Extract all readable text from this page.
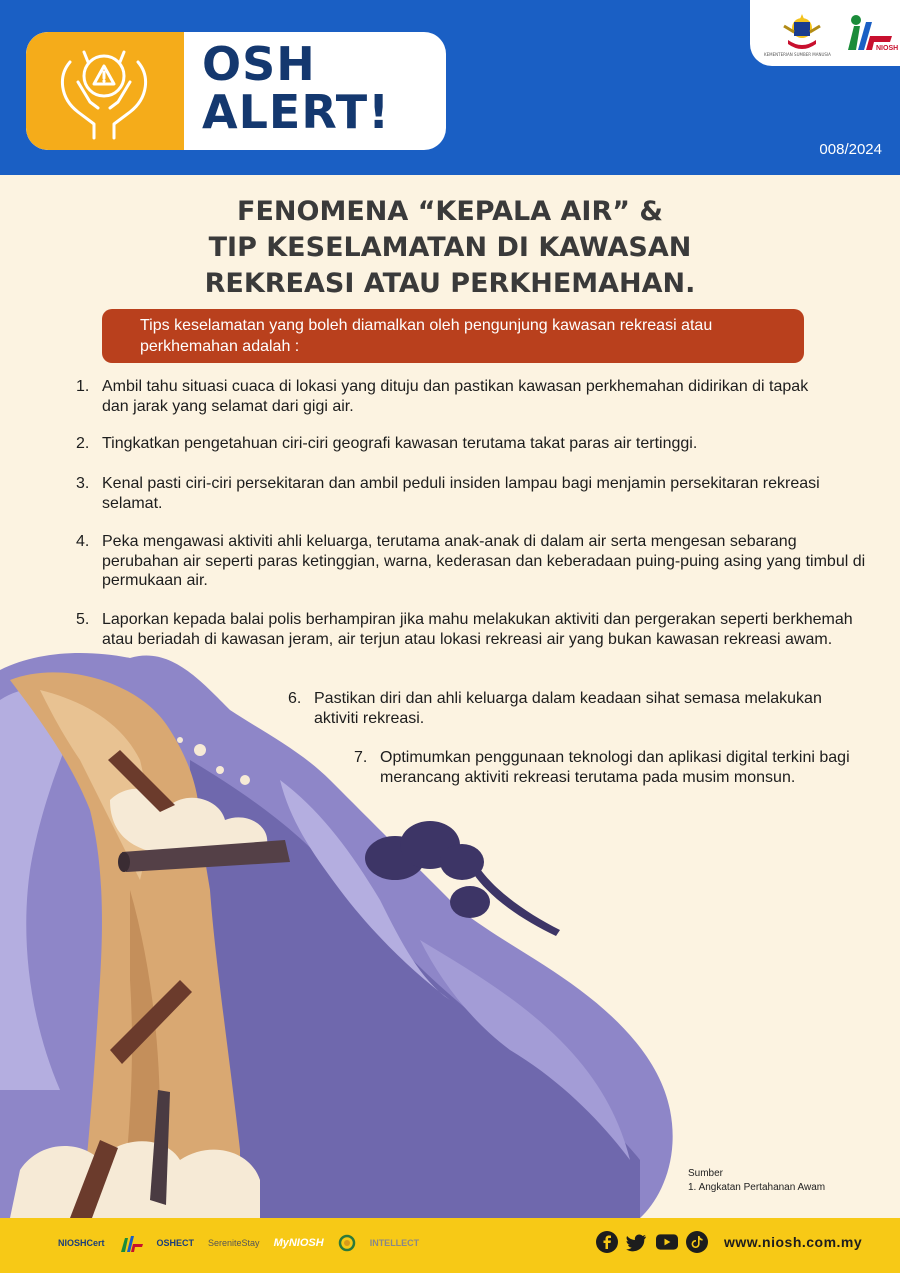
OSH
ALERT!
KEMENTERIAN SUMBER MANUSIA
NIOSH
008/2024
FENOMENA “KEPALA AIR” &
TIP KESELAMATAN DI KAWASAN
REKREASI ATAU PERKHEMAHAN.
Tips keselamatan yang boleh diamalkan oleh pengunjung kawasan rekreasi atau perkhemahan adalah :
1. Ambil tahu situasi cuaca di lokasi yang dituju dan pastikan kawasan perkhemahan didirikan di tapak dan jarak yang selamat dari gigi air.
2. Tingkatkan pengetahuan ciri-ciri geografi kawasan terutama takat paras air tertinggi.
3. Kenal pasti ciri-ciri persekitaran dan ambil peduli insiden lampau bagi menjamin persekitaran rekreasi selamat.
4. Peka mengawasi aktiviti ahli keluarga, terutama anak-anak di dalam air serta mengesan sebarang perubahan air seperti paras ketinggian, warna, kederasan dan keberadaan puing-puing asing yang timbul di permukaan air.
5. Laporkan kepada balai polis berhampiran jika mahu melakukan aktiviti dan pergerakan seperti berkhemah atau beriadah di kawasan jeram, air terjun atau lokasi rekreasi air yang bukan kawasan rekreasi awam.
6. Pastikan diri dan ahli keluarga dalam keadaan sihat semasa melakukan aktiviti rekreasi.
7. Optimumkan penggunaan teknologi dan aplikasi digital terkini bagi merancang aktiviti rekreasi terutama pada musim monsun.
Sumber
1. Angkatan Pertahanan Awam
NIOSHCert	OSHECT SereniteStay MyNIOSH	INTELLECT	www.niosh.com.my
